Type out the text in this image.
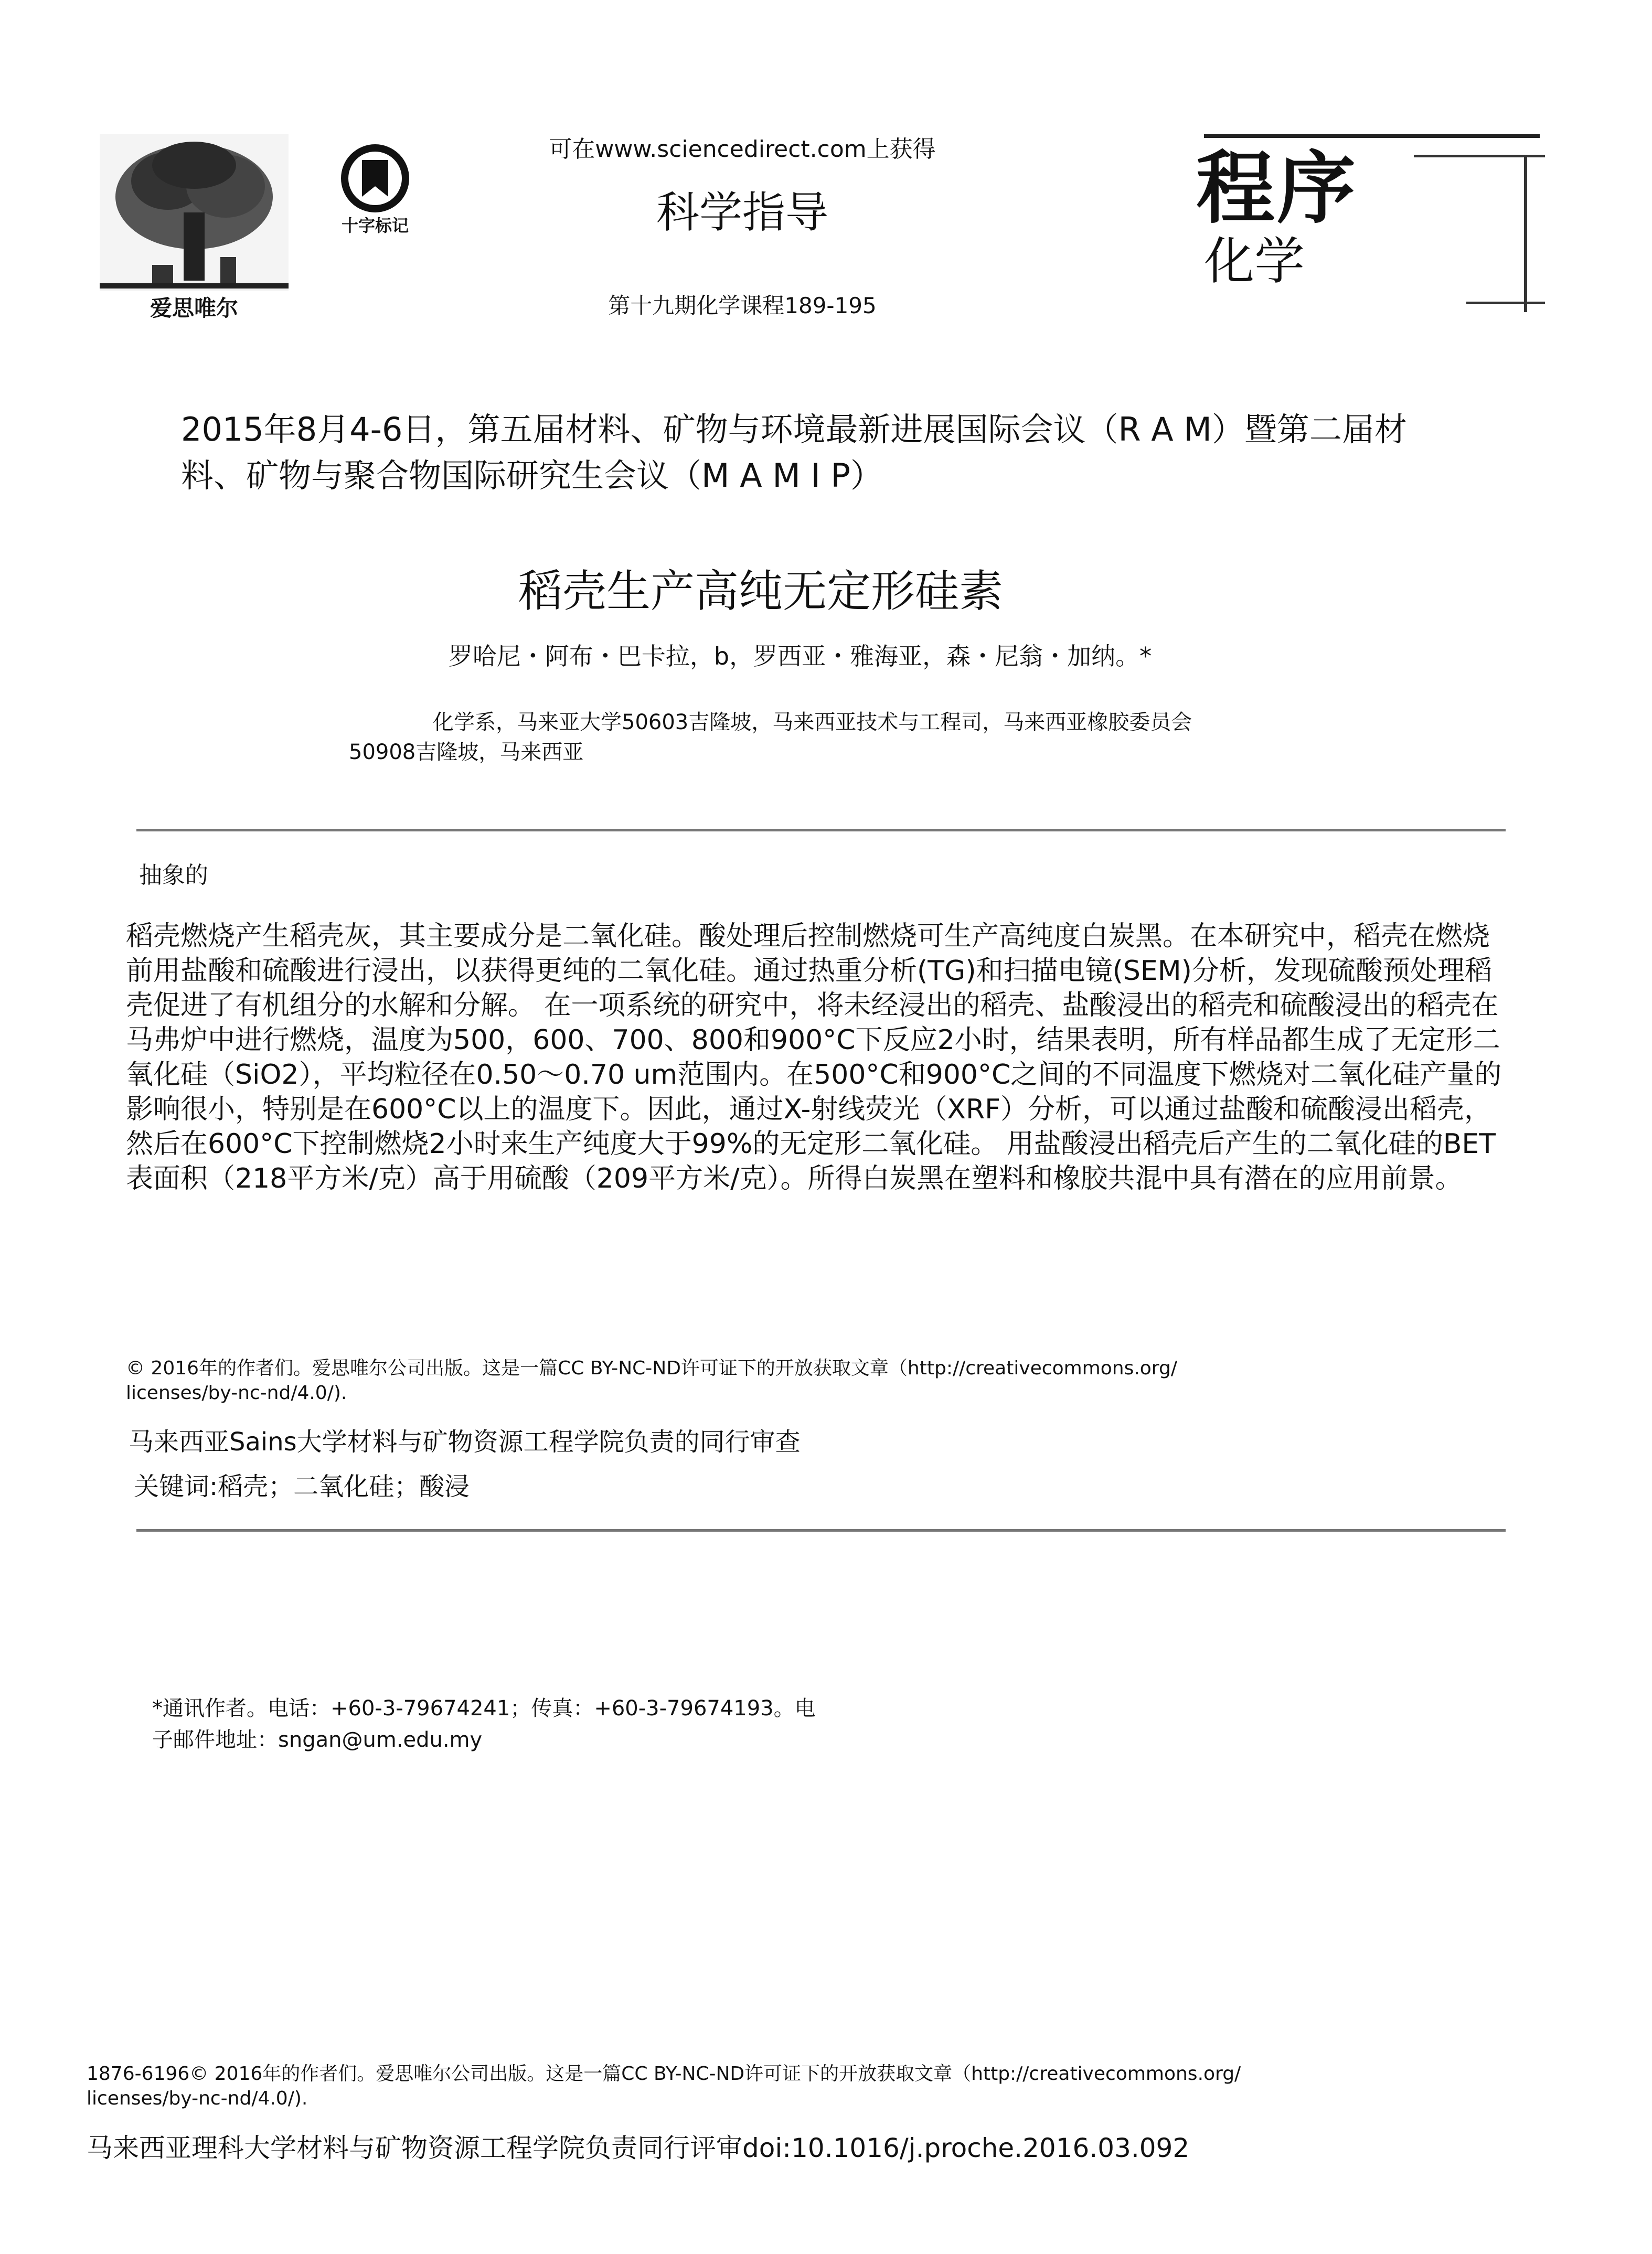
爱思唯尔
十字标记
可在www.sciencedirect.com上获得
科学指导
第十九期化学课程189-195
程序
化学
2015年8月4-6日，第五届材料、矿物与环境最新进展国际会议（R A M）暨第二届材料、矿物与聚合物国际研究生会议（M A M I P）
稻壳生产高纯无定形硅素
罗哈尼・阿布・巴卡拉，b，罗西亚・雅海亚，森・尼翁・加纳。*
化学系，马来亚大学50603吉隆坡，马来西亚技术与工程司，马来西亚橡胶委员会
50908吉隆坡，马来西亚
抽象的
稻壳燃烧产生稻壳灰，其主要成分是二氧化硅。酸处理后控制燃烧可生产高纯度白炭黑。在本研究中，稻壳在燃烧前用盐酸和硫酸进行浸出，以获得更纯的二氧化硅。通过热重分析(TG)和扫描电镜(SEM)分析，发现硫酸预处理稻壳促进了有机组分的水解和分解。 在一项系统的研究中，将未经浸出的稻壳、盐酸浸出的稻壳和硫酸浸出的稻壳在马弗炉中进行燃烧，温度为500，600、700、800和900°C下反应2小时，结果表明，所有样品都生成了无定形二氧化硅（SiO2），平均粒径在0.50～0.70 um范围内。在500°C和900°C之间的不同温度下燃烧对二氧化硅产量的影响很小，特别是在600°C以上的温度下。因此，通过X-射线荧光（XRF）分析，可以通过盐酸和硫酸浸出稻壳，然后在600°C下控制燃烧2小时来生产纯度大于99%的无定形二氧化硅。 用盐酸浸出稻壳后产生的二氧化硅的BET表面积（218平方米/克）高于用硫酸（209平方米/克）。所得白炭黑在塑料和橡胶共混中具有潜在的应用前景。
© 2016年的作者们。爱思唯尔公司出版。这是一篇CC BY-NC-ND许可证下的开放获取文章（http://creativecommons.org/
licenses/by-nc-nd/4.0/).
马来西亚Sains大学材料与矿物资源工程学院负责的同行审查
关键词:稻壳；二氧化硅；酸浸
*通讯作者。电话：+60-3-79674241；传真：+60-3-79674193。电
子邮件地址：sngan@um.edu.my
1876-6196© 2016年的作者们。爱思唯尔公司出版。这是一篇CC BY-NC-ND许可证下的开放获取文章（http://creativecommons.org/
licenses/by-nc-nd/4.0/).
马来西亚理科大学材料与矿物资源工程学院负责同行评审doi:10.1016/j.proche.2016.03.092
